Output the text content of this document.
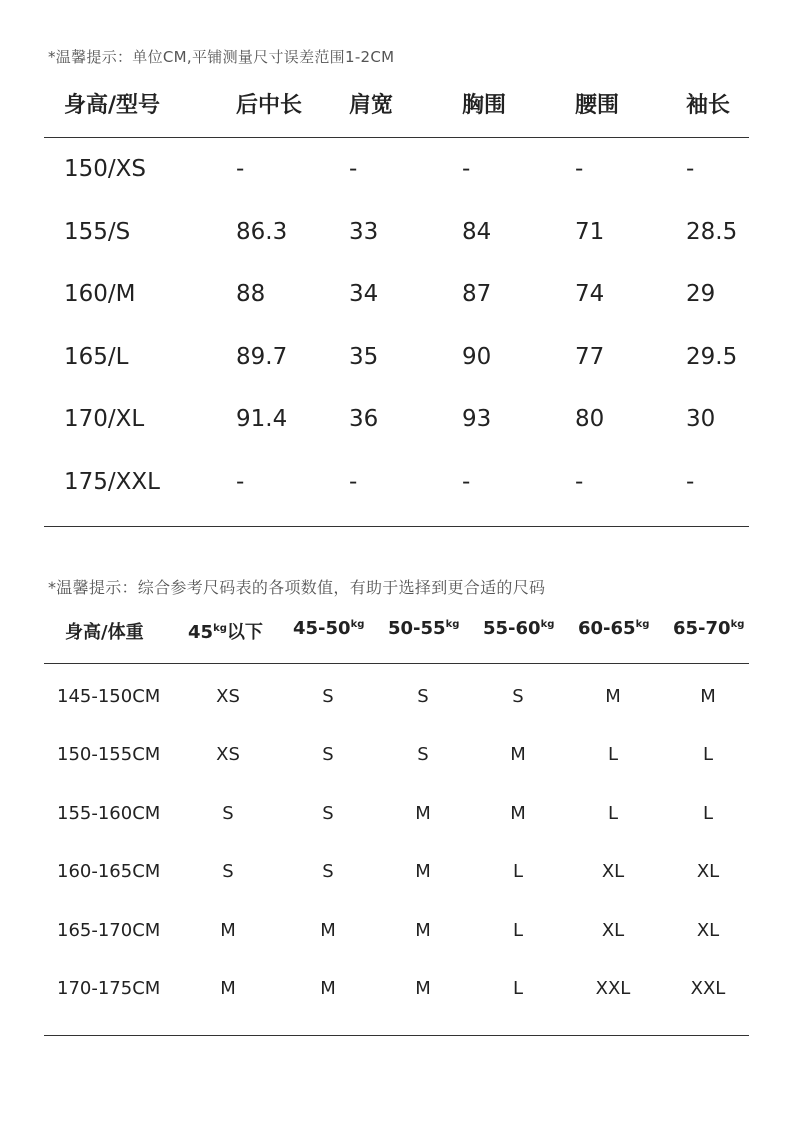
*温馨提示：单位CM,平铺测量尺寸误差范围1-2CM
身高/型号	后中长 肩宽	胸围	腰围	袖长
150/XS	-	-	-	-	-
155/S	86.3	33	84	71	28.5
160/M	88	34	87	74	29
165/L	89.7	35	90	77	29.5
170/XL	91.4	36	93	80	30
175/XXL	-	-	-	-	-
*温馨提示：综合参考尺码表的各项数值，有助于选择到更合适的尺码
身高/体重 $45^{kg}$以下 $45-50^{kg}$ $50-55^{kg}$ $55-60^{kg}$ $60-65^{kg}$ $65-70^{kg}$
145-150CM	XS	S	S	S	M	M
150-155CM	XS	S	S	M	L	L
155-160CM	S	S	M	M	L	L
160-165CM	S	S	M	L	XL	XL
165-170CM	M	M	M	L	XL	XL
170-175CM	M	M	M	L	XXL	XXL
